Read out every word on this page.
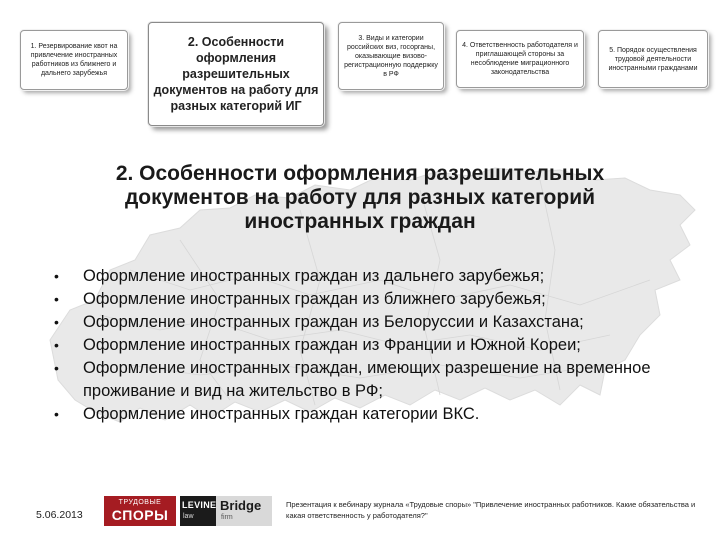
1. Резервирование квот на привлечение иностранных работников из ближнего и дальнего зарубежья
2. Особенности оформления разрешительных документов на работу для разных категорий ИГ
3. Виды и категории российских виз, госорганы, оказывающие визово-регистрационную поддержку в РФ
4. Ответственность работодателя и приглашающей стороны за несоблюдение миграционного законодательства
5. Порядок осуществления трудовой деятельности иностранными гражданами
2. Особенности оформления разрешительных документов на работу для разных категорий иностранных граждан
• Оформление иностранных граждан из дальнего зарубежья;
• Оформление иностранных граждан из ближнего зарубежья;
• Оформление иностранных граждан из Белоруссии и Казахстана;
• Оформление иностранных граждан из Франции и Южной Кореи;
• Оформление иностранных граждан, имеющих разрешение на временное проживание и вид на жительство в РФ;
• Оформление иностранных граждан категории ВКС.
5.06.2013
ТРУДОВЫЕ
СПОРЫ
LEVINE
law
Bridge
firm
Презентация к вебинару журнала «Трудовые споры» "Привлечение иностранных работников. Какие обязательства и какая ответственность у работодателя?"
